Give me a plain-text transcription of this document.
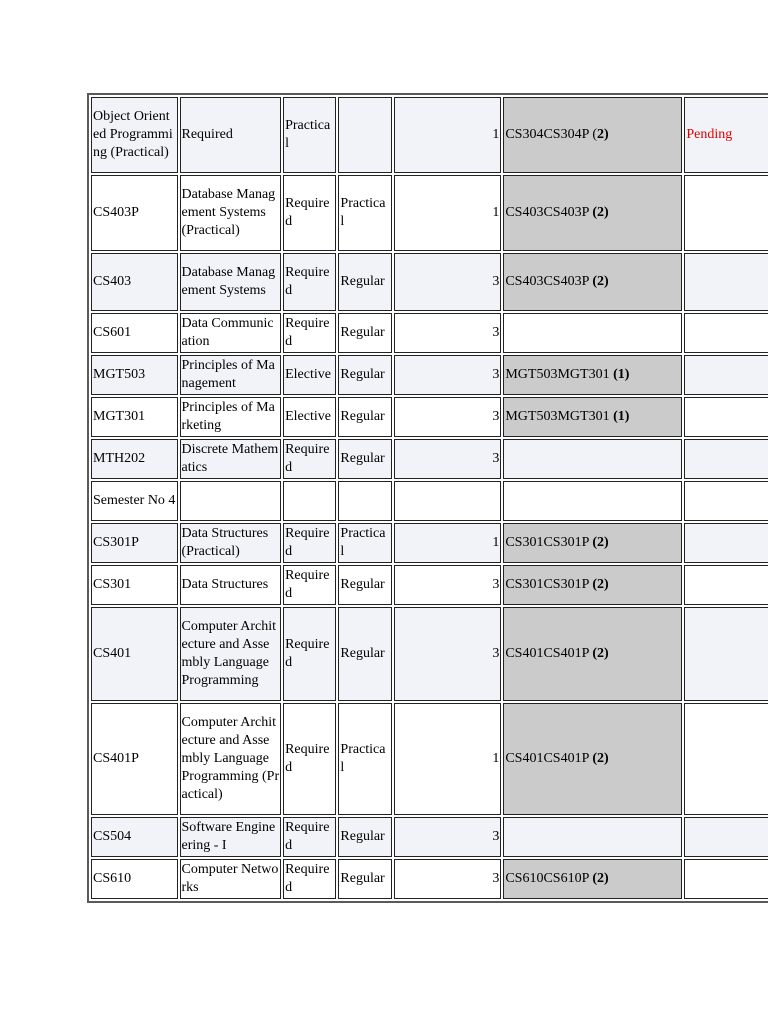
Object Oriented Programming (Practical)	Required	Practica l		1	CS304CS304P (2)	Pending
CS403P	Database Management Systems (Practical)	Require d	Practica l	1	CS403CS403P (2)	
CS403	Database Management Systems	Require d	Regular	3	CS403CS403P (2)	
CS601	Data Communication	Require d	Regular	3		
MGT503	Principles of Management	Elective	Regular	3	MGT503MGT301 (1)	
MGT301	Principles of Marketing	Elective	Regular	3	MGT503MGT301 (1)	
MTH202	Discrete Mathematics	Require d	Regular	3		
Semester No 4						
CS301P	Data Structures (Practical)	Require d	Practica l	1	CS301CS301P (2)	
CS301	Data Structures	Require d	Regular	3	CS301CS301P (2)	
CS401	Computer Architecture and Assembly Language Programming	Require d	Regular	3	CS401CS401P (2)	
CS401P	Computer Architecture and Assembly Language Programming (Practical)	Require d	Practica l	1	CS401CS401P (2)	
CS504	Software Engineering - I	Require d	Regular	3		
CS610	Computer Networks	Require d	Regular	3	CS610CS610P (2)	
